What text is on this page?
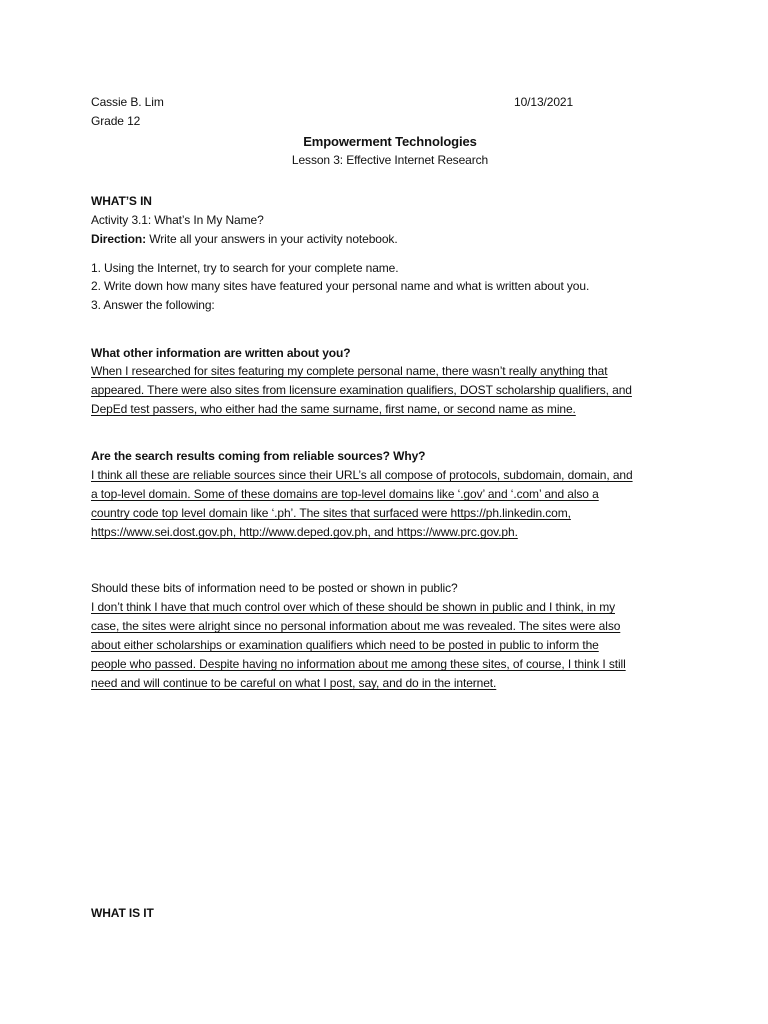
Cassie B. Lim
Grade 12
10/13/2021
Empowerment Technologies
Lesson 3: Effective Internet Research
WHAT’S IN
Activity 3.1: What’s In My Name?
Direction: Write all your answers in your activity notebook.
1. Using the Internet, try to search for your complete name.
2. Write down how many sites have featured your personal name and what is written about you.
3. Answer the following:
What other information are written about you?
When I researched for sites featuring my complete personal name, there wasn’t really anything that
appeared. There were also sites from licensure examination qualifiers, DOST scholarship qualifiers, and
DepEd test passers, who either had the same surname, first name, or second name as mine.
Are the search results coming from reliable sources? Why?
I think all these are reliable sources since their URL’s all compose of protocols, subdomain, domain, and
a top-level domain. Some of these domains are top-level domains like ‘.gov’ and ‘.com’ and also a
country code top level domain like ‘.ph’. The sites that surfaced were https://ph.linkedin.com,
https://www.sei.dost.gov.ph, http://www.deped.gov.ph, and https://www.prc.gov.ph.
Should these bits of information need to be posted or shown in public?
I don’t think I have that much control over which of these should be shown in public and I think, in my
case, the sites were alright since no personal information about me was revealed. The sites were also
about either scholarships or examination qualifiers which need to be posted in public to inform the
people who passed. Despite having no information about me among these sites, of course, I think I still
need and will continue to be careful on what I post, say, and do in the internet.
WHAT IS IT
